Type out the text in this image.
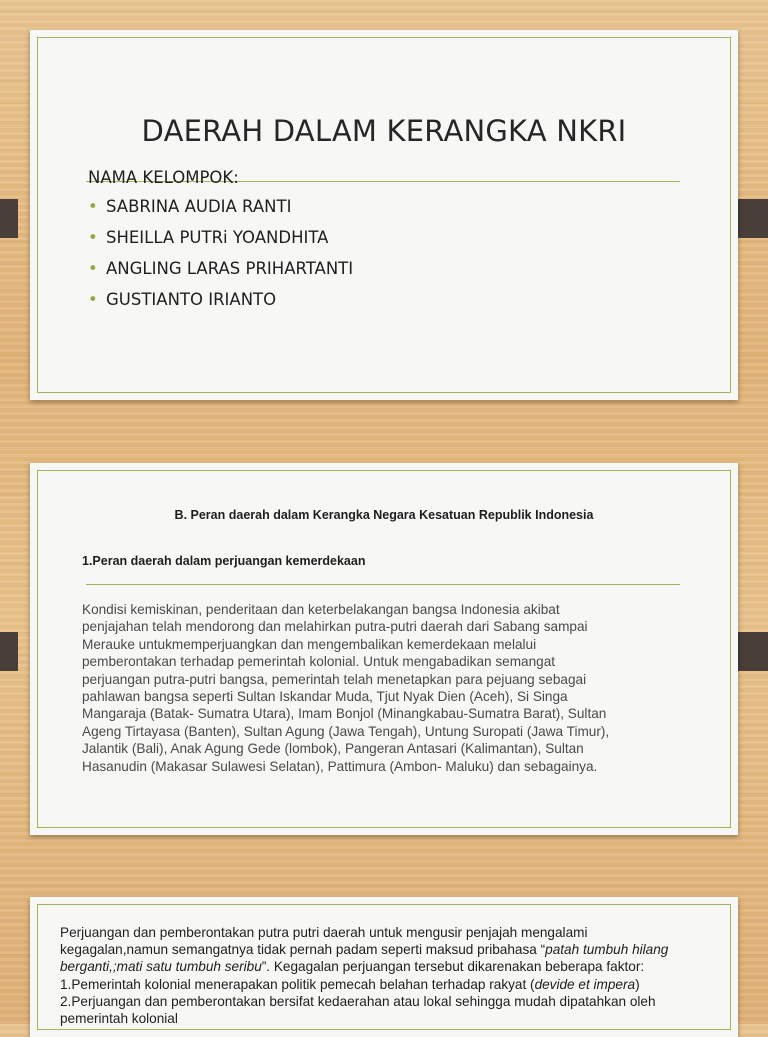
DAERAH DALAM KERANGKA NKRI
NAMA KELOMPOK:
• SABRINA AUDIA RANTI
• SHEILLA PUTRi YOANDHITA
• ANGLING LARAS PRIHARTANTI
• GUSTIANTO IRIANTO
B. Peran daerah dalam Kerangka Negara Kesatuan Republik Indonesia
1.Peran daerah dalam perjuangan kemerdekaan
Kondisi kemiskinan, penderitaan dan keterbelakangan bangsa Indonesia akibat
penjajahan telah mendorong dan melahirkan putra-putri daerah dari Sabang sampai
Merauke untukmemperjuangkan dan mengembalikan kemerdekaan melalui
pemberontakan terhadap pemerintah kolonial. Untuk mengabadikan semangat
perjuangan putra-putri bangsa, pemerintah telah menetapkan para pejuang sebagai
pahlawan bangsa seperti Sultan Iskandar Muda, Tjut Nyak Dien (Aceh), Si Singa
Mangaraja (Batak- Sumatra Utara), Imam Bonjol (Minangkabau-Sumatra Barat), Sultan
Ageng Tirtayasa (Banten), Sultan Agung (Jawa Tengah), Untung Suropati (Jawa Timur),
Jalantik (Bali), Anak Agung Gede (lombok), Pangeran Antasari (Kalimantan), Sultan
Hasanudin (Makasar Sulawesi Selatan), Pattimura (Ambon- Maluku) dan sebagainya.
Perjuangan dan pemberontakan putra putri daerah untuk mengusir penjajah mengalami
kegagalan,namun semangatnya tidak pernah padam seperti maksud pribahasa “patah tumbuh hilang
berganti,;mati satu tumbuh seribu”. Kegagalan perjuangan tersebut dikarenakan beberapa faktor:
1.Pemerintah kolonial menerapakan politik pemecah belahan terhadap rakyat (devide et impera)
2.Perjuangan dan pemberontakan bersifat kedaerahan atau lokal sehingga mudah dipatahkan oleh
pemerintah kolonial
